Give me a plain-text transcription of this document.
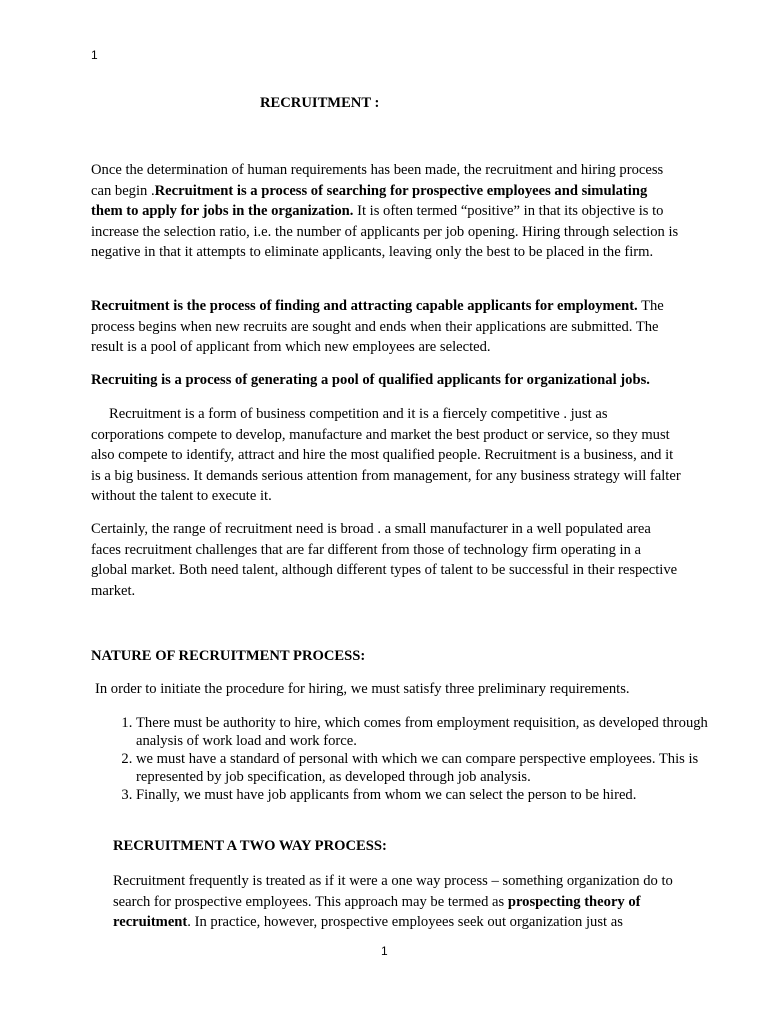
1
RECRUITMENT :
Once the determination of human requirements has been made, the recruitment and hiring process can begin .Recruitment is a process of searching for prospective employees and simulating them to apply for jobs in the organization. It is often termed “positive” in that its objective is to increase the selection ratio, i.e. the number of applicants per job opening. Hiring through selection is negative in that it attempts to eliminate applicants, leaving only the best to be placed in the firm.
Recruitment is the process of finding and attracting capable applicants for employment. The process begins when new recruits are sought and ends when their applications are submitted. The result is a pool of applicant from which new employees are selected.
Recruiting is a process of generating a pool of qualified applicants for organizational jobs.
Recruitment is a form of business competition and it is a fiercely competitive . just as corporations compete to develop, manufacture and market the best product or service, so they must also compete to identify, attract and hire the most qualified people. Recruitment is a business, and it is a big business. It demands serious attention from management, for any business strategy will falter without the talent to execute it.
Certainly, the range of recruitment need is broad . a small manufacturer in a well populated area faces recruitment challenges that are far different from those of technology firm operating in a global market. Both need talent, although different types of talent to be successful in their respective market.
NATURE OF RECRUITMENT PROCESS:
In order to initiate the procedure for hiring, we must satisfy three preliminary requirements.
1. There must be authority to hire, which comes from employment requisition, as developed through analysis of work load and work force.
2. we must have a standard of personal with which we can compare perspective employees. This is represented by job specification, as developed through job analysis.
3. Finally, we must have job applicants from whom we can select the person to be hired.
RECRUITMENT A TWO WAY PROCESS:
Recruitment frequently is treated as if it were a one way process – something organization do to search for prospective employees. This approach may be termed as prospecting theory of recruitment. In practice, however, prospective employees seek out organization just as
1
